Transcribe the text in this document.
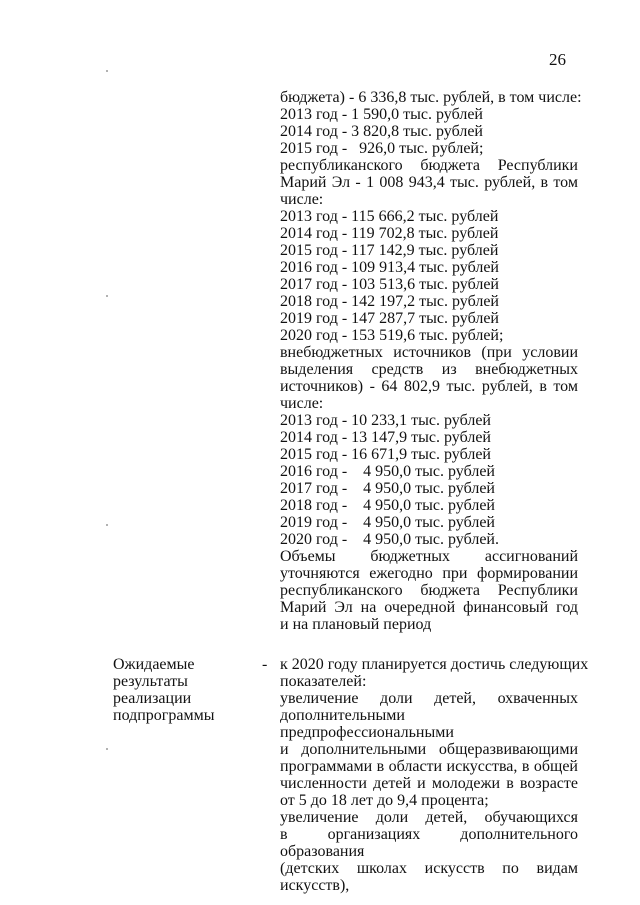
26
бюджета) - 6 336,8 тыс. рублей, в том числе:
2013 год - 1 590,0 тыс. рублей
2014 год - 3 820,8 тыс. рублей
2015 год -   926,0 тыс. рублей;
республиканского бюджета Республики
Марий Эл - 1 008 943,4 тыс. рублей, в том
числе:
2013 год - 115 666,2 тыс. рублей
2014 год - 119 702,8 тыс. рублей
2015 год - 117 142,9 тыс. рублей
2016 год - 109 913,4 тыс. рублей
2017 год - 103 513,6 тыс. рублей
2018 год - 142 197,2 тыс. рублей
2019 год - 147 287,7 тыс. рублей
2020 год - 153 519,6 тыс. рублей;
внебюджетных источников (при условии
выделения средств из внебюджетных
источников) - 64 802,9 тыс. рублей, в том
числе:
2013 год - 10 233,1 тыс. рублей
2014 год - 13 147,9 тыс. рублей
2015 год - 16 671,9 тыс. рублей
2016 год -    4 950,0 тыс. рублей
2017 год -    4 950,0 тыс. рублей
2018 год -    4 950,0 тыс. рублей
2019 год -    4 950,0 тыс. рублей
2020 год -    4 950,0 тыс. рублей.
Объемы бюджетных ассигнований
уточняются ежегодно при формировании
республиканского бюджета Республики
Марий Эл на очередной финансовый год
и на плановый период
Ожидаемые
результаты
реализации
подпрограммы
- к 2020 году планируется достичь следующих
показателей:
увеличение доли детей, охваченных
дополнительными предпрофессиональными
и дополнительными общеразвивающими
программами в области искусства, в общей
численности детей и молодежи в возрасте
от 5 до 18 лет до 9,4 процента;
увеличение доли детей, обучающихся
в организациях дополнительного образования
(детских школах искусств по видам искусств),
